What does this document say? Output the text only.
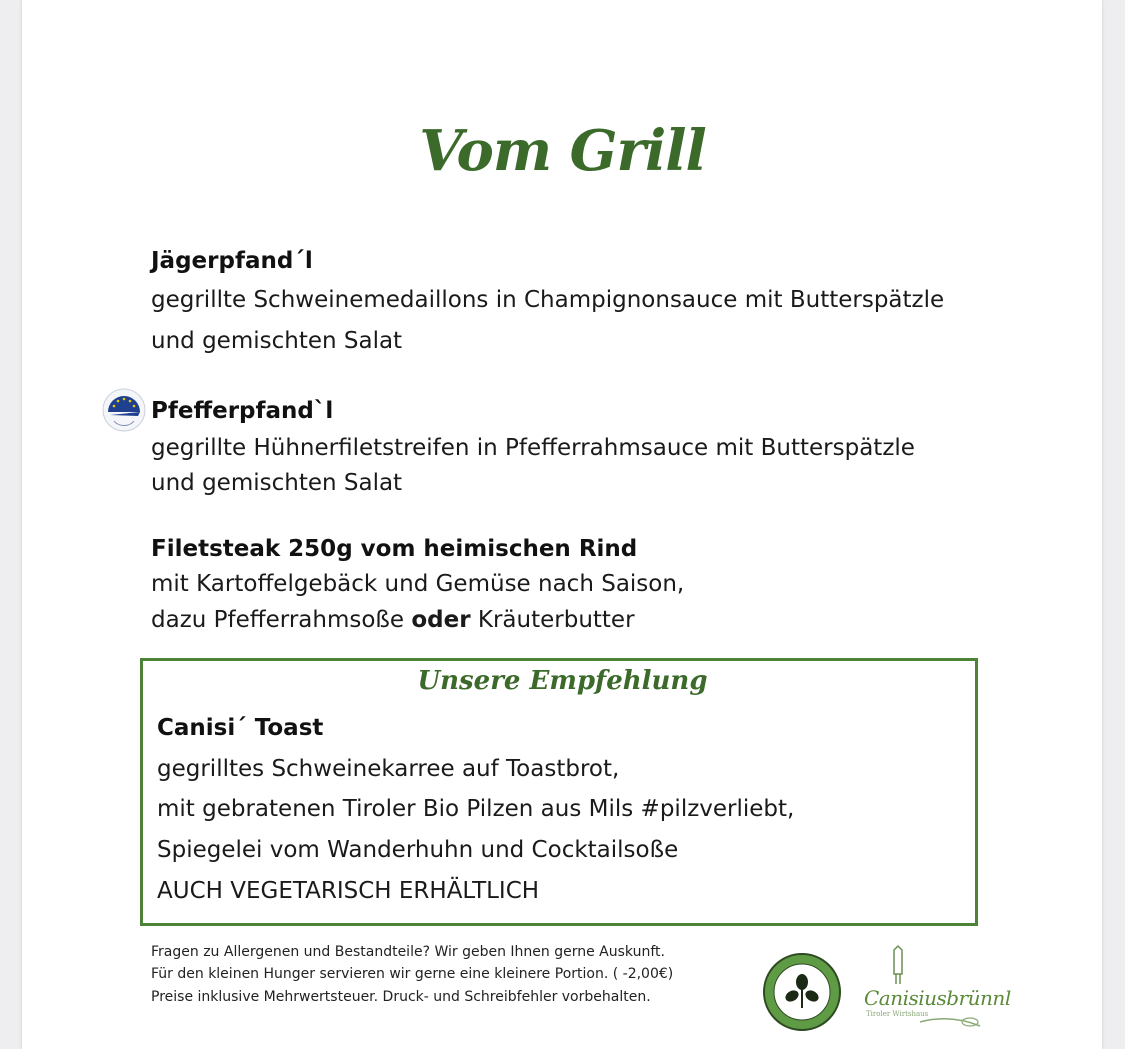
Vom Grill
Jägerpfand´l
gegrillte Schweinemedaillons in Champignonsauce mit Butterspätzle
und gemischten Salat
Pfefferpfand`l
gegrillte Hühnerfiletstreifen in Pfefferrahmsauce mit Butterspätzle
und gemischten Salat
Filetsteak 250g vom heimischen Rind
mit Kartoffelgebäck und Gemüse nach Saison,
dazu Pfefferrahmsoße oder Kräuterbutter
Unsere Empfehlung
Canisi´ Toast
gegrilltes Schweinekarree auf Toastbrot,
mit gebratenen Tiroler Bio Pilzen aus Mils #pilzverliebt,
Spiegelei vom Wanderhuhn und Cocktailsoße
AUCH VEGETARISCH ERHÄLTLICH
Fragen zu Allergenen und Bestandteile? Wir geben Ihnen gerne Auskunft.
Für den kleinen Hunger servieren wir gerne eine kleinere Portion. ( -2,00€)
Preise inklusive Mehrwertsteuer. Druck- und Schreibfehler vorbehalten.	Canisiusbrünnl
Tiroler Wirtshaus
